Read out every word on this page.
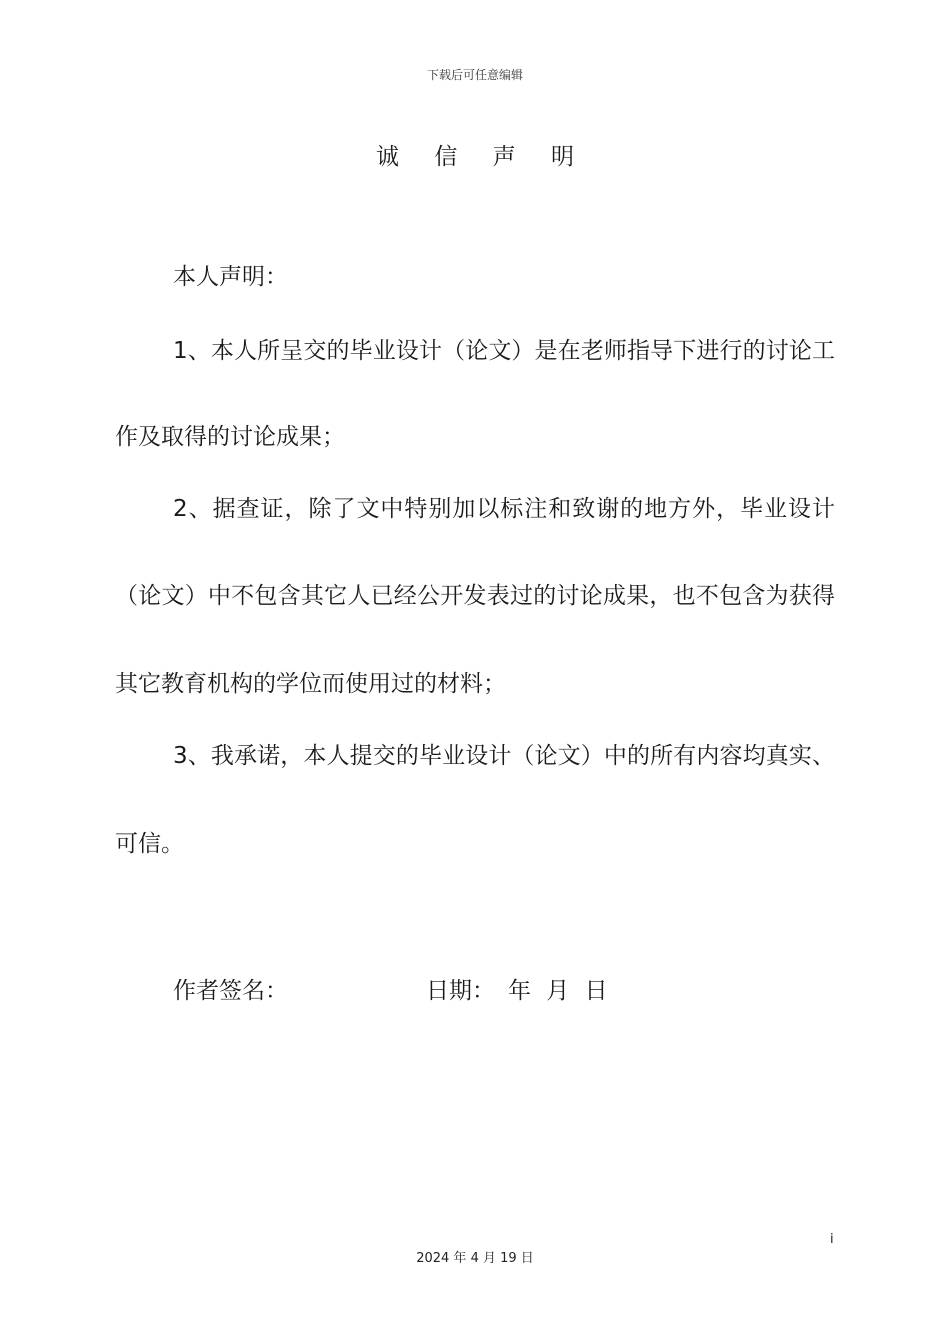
下载后可任意编辑
诚 信 声 明
本人声明：
1、本人所呈交的毕业设计（论文）是在老师指导下进行的讨论工
作及取得的讨论成果；
2、据查证，除了文中特别加以标注和致谢的地方外，毕业设计
（论文）中不包含其它人已经公开发表过的讨论成果，也不包含为获得
其它教育机构的学位而使用过的材料；
3、我承诺，本人提交的毕业设计（论文）中的所有内容均真实、
可信。
作者签名：	日期： 年 月 日
i
2024 年 4 月 19 日
